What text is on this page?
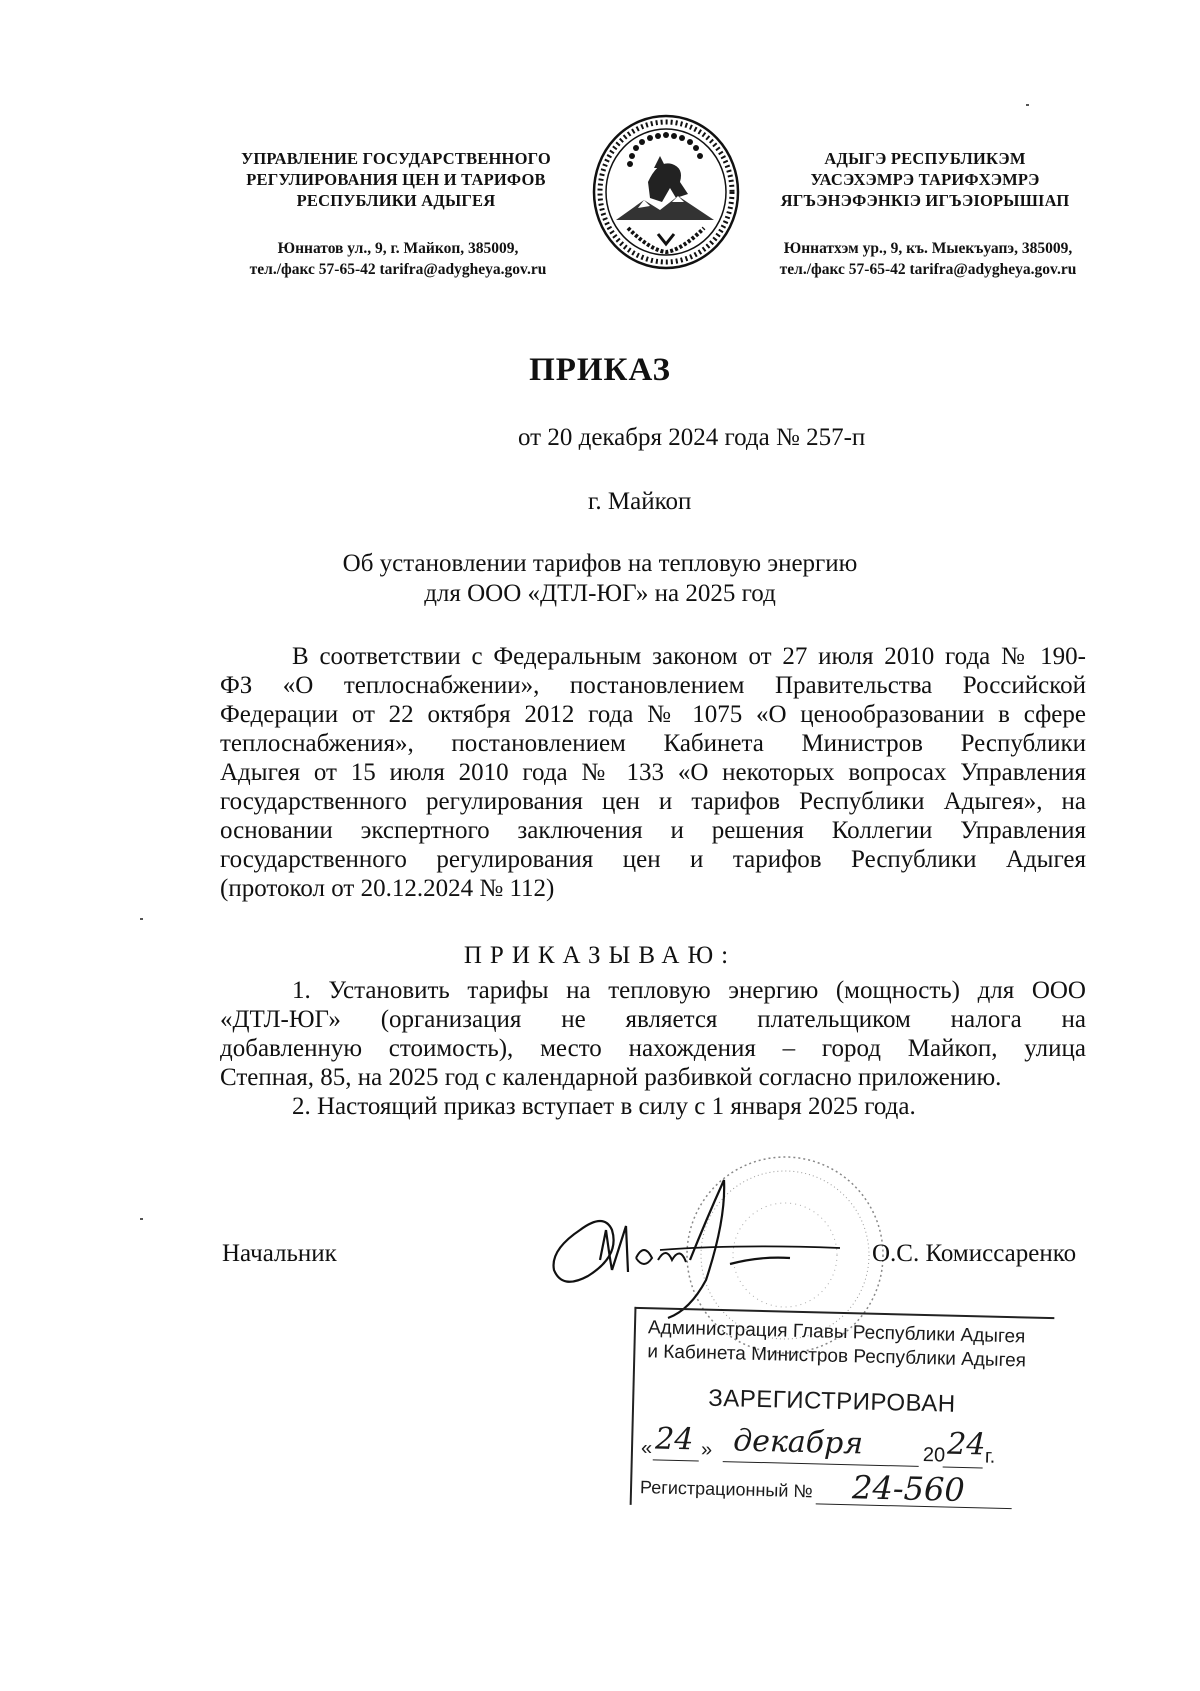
УПРАВЛЕНИЕ ГОСУДАРСТВЕННОГО
РЕГУЛИРОВАНИЯ ЦЕН И ТАРИФОВ
РЕСПУБЛИКИ АДЫГЕЯ
Юннатов ул., 9, г. Майкоп, 385009,
тел./факс 57-65-42 tarifra@adygheya.gov.ru
АДЫГЭ РЕСПУБЛИКЭМ
УАСЭХЭМРЭ ТАРИФХЭМРЭ
ЯГЪЭНЭФЭНКІЭ ИГЪЭІОРЫШІАП
Юннатхэм ур., 9, къ. Мыекъуапэ, 385009,
тел./факс 57-65-42 tarifra@adygheya.gov.ru
ПРИКАЗ
от 20 декабря 2024 года № 257-п
г. Майкоп
Об установлении тарифов на тепловую энергию
для ООО «ДТЛ-ЮГ» на 2025 год
В соответствии с Федеральным законом от 27 июля 2010 года № 190-
ФЗ «О теплоснабжении», постановлением Правительства Российской
Федерации от 22 октября 2012 года № 1075 «О ценообразовании в сфере
теплоснабжения», постановлением Кабинета Министров Республики
Адыгея от 15 июля 2010 года № 133 «О некоторых вопросах Управления
государственного регулирования цен и тарифов Республики Адыгея», на
основании экспертного заключения и решения Коллегии Управления
государственного регулирования цен и тарифов Республики Адыгея
(протокол от 20.12.2024 № 112)
ПРИКАЗЫВАЮ:
1. Установить тарифы на тепловую энергию (мощность) для ООО
«ДТЛ-ЮГ» (организация не является плательщиком налога на
добавленную стоимость), место нахождения – город Майкоп, улица
Степная, 85, на 2025 год с календарной разбивкой согласно приложению.
2. Настоящий приказ вступает в силу с 1 января 2025 года.
Начальник	О.С. Комиссаренко
Администрация Главы Республики Адыгея
и Кабинета Министров Республики Адыгея
ЗАРЕГИСТРИРОВАН
« 24 » декабря	20 24
г.
Регистрационный № 24-560
